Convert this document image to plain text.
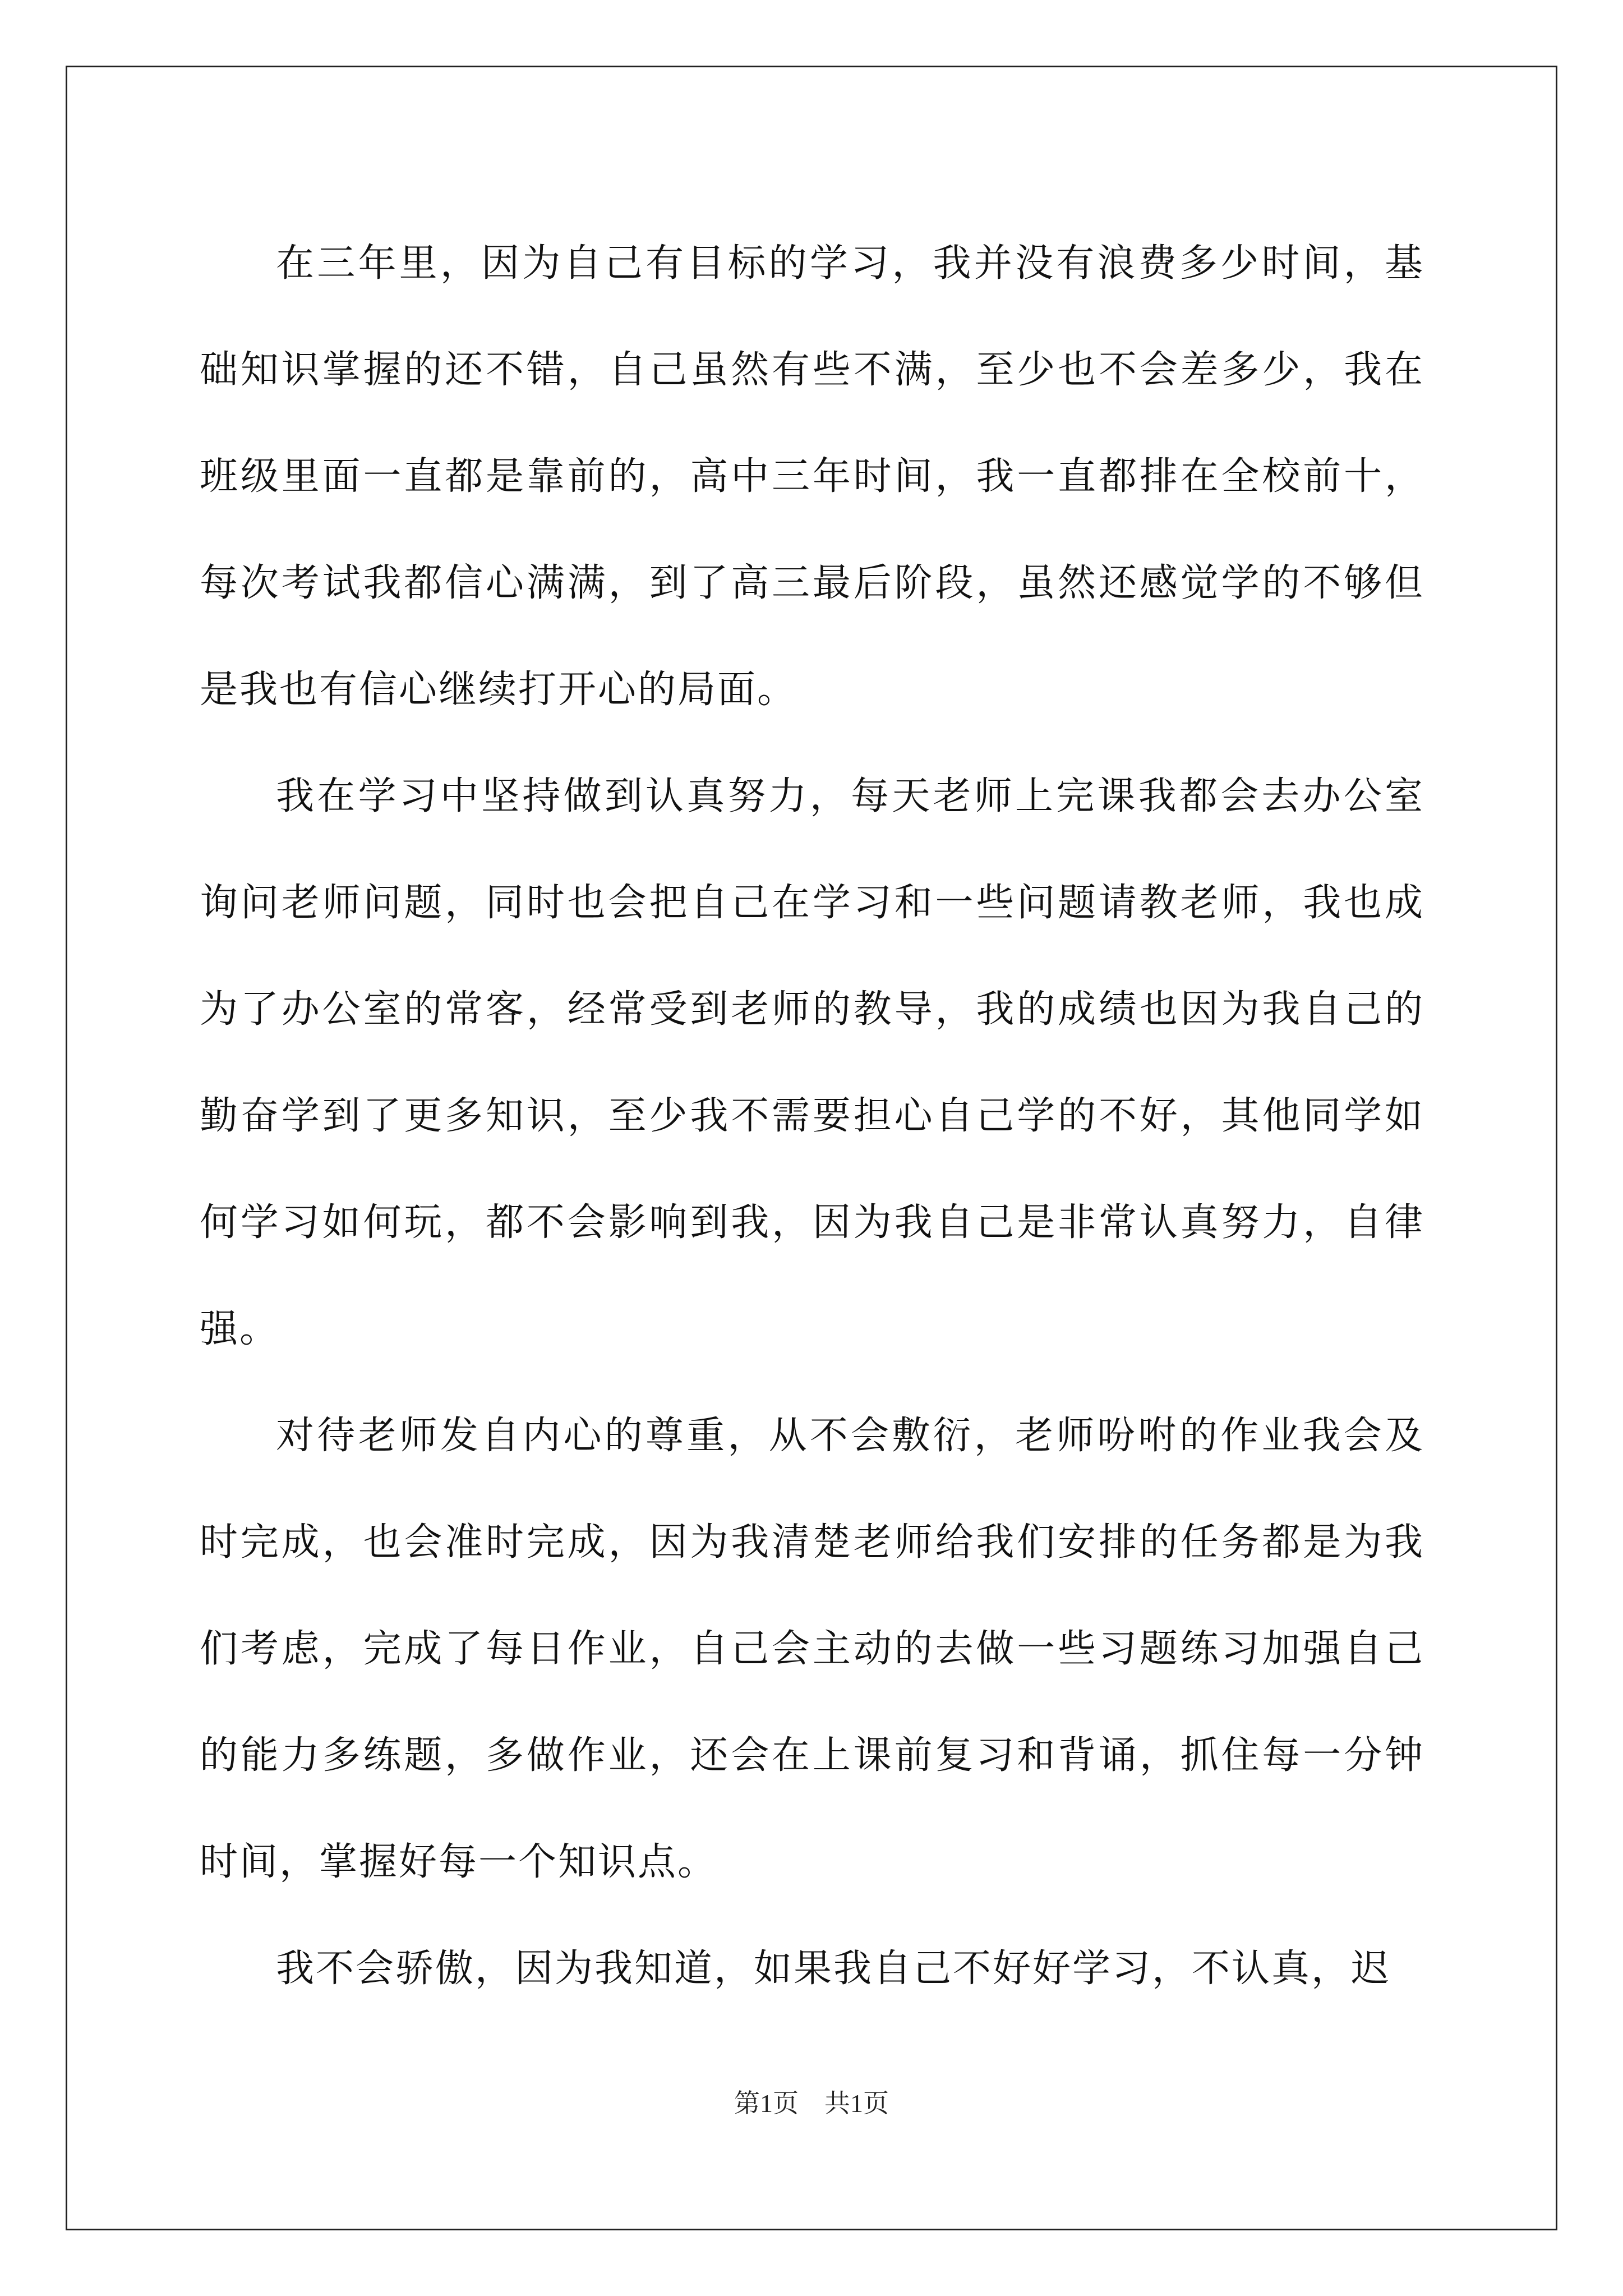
在三年里，因为自己有目标的学习，我并没有浪费多少时间，基础知识掌握的还不错，自己虽然有些不满，至少也不会差多少，我在班级里面一直都是靠前的，高中三年时间，我一直都排在全校前十，每次考试我都信心满满，到了高三最后阶段，虽然还感觉学的不够但是我也有信心继续打开心的局面。

我在学习中坚持做到认真努力，每天老师上完课我都会去办公室询问老师问题，同时也会把自己在学习和一些问题请教老师，我也成为了办公室的常客，经常受到老师的教导，我的成绩也因为我自己的勤奋学到了更多知识，至少我不需要担心自己学的不好，其他同学如何学习如何玩，都不会影响到我，因为我自己是非常认真努力，自律强。

对待老师发自内心的尊重，从不会敷衍，老师吩咐的作业我会及时完成，也会准时完成，因为我清楚老师给我们安排的任务都是为我们考虑，完成了每日作业，自己会主动的去做一些习题练习加强自己的能力多练题，多做作业，还会在上课前复习和背诵，抓住每一分钟时间，掌握好每一个知识点。

我不会骄傲，因为我知道，如果我自己不好好学习，不认真，迟

第1页 共1页
